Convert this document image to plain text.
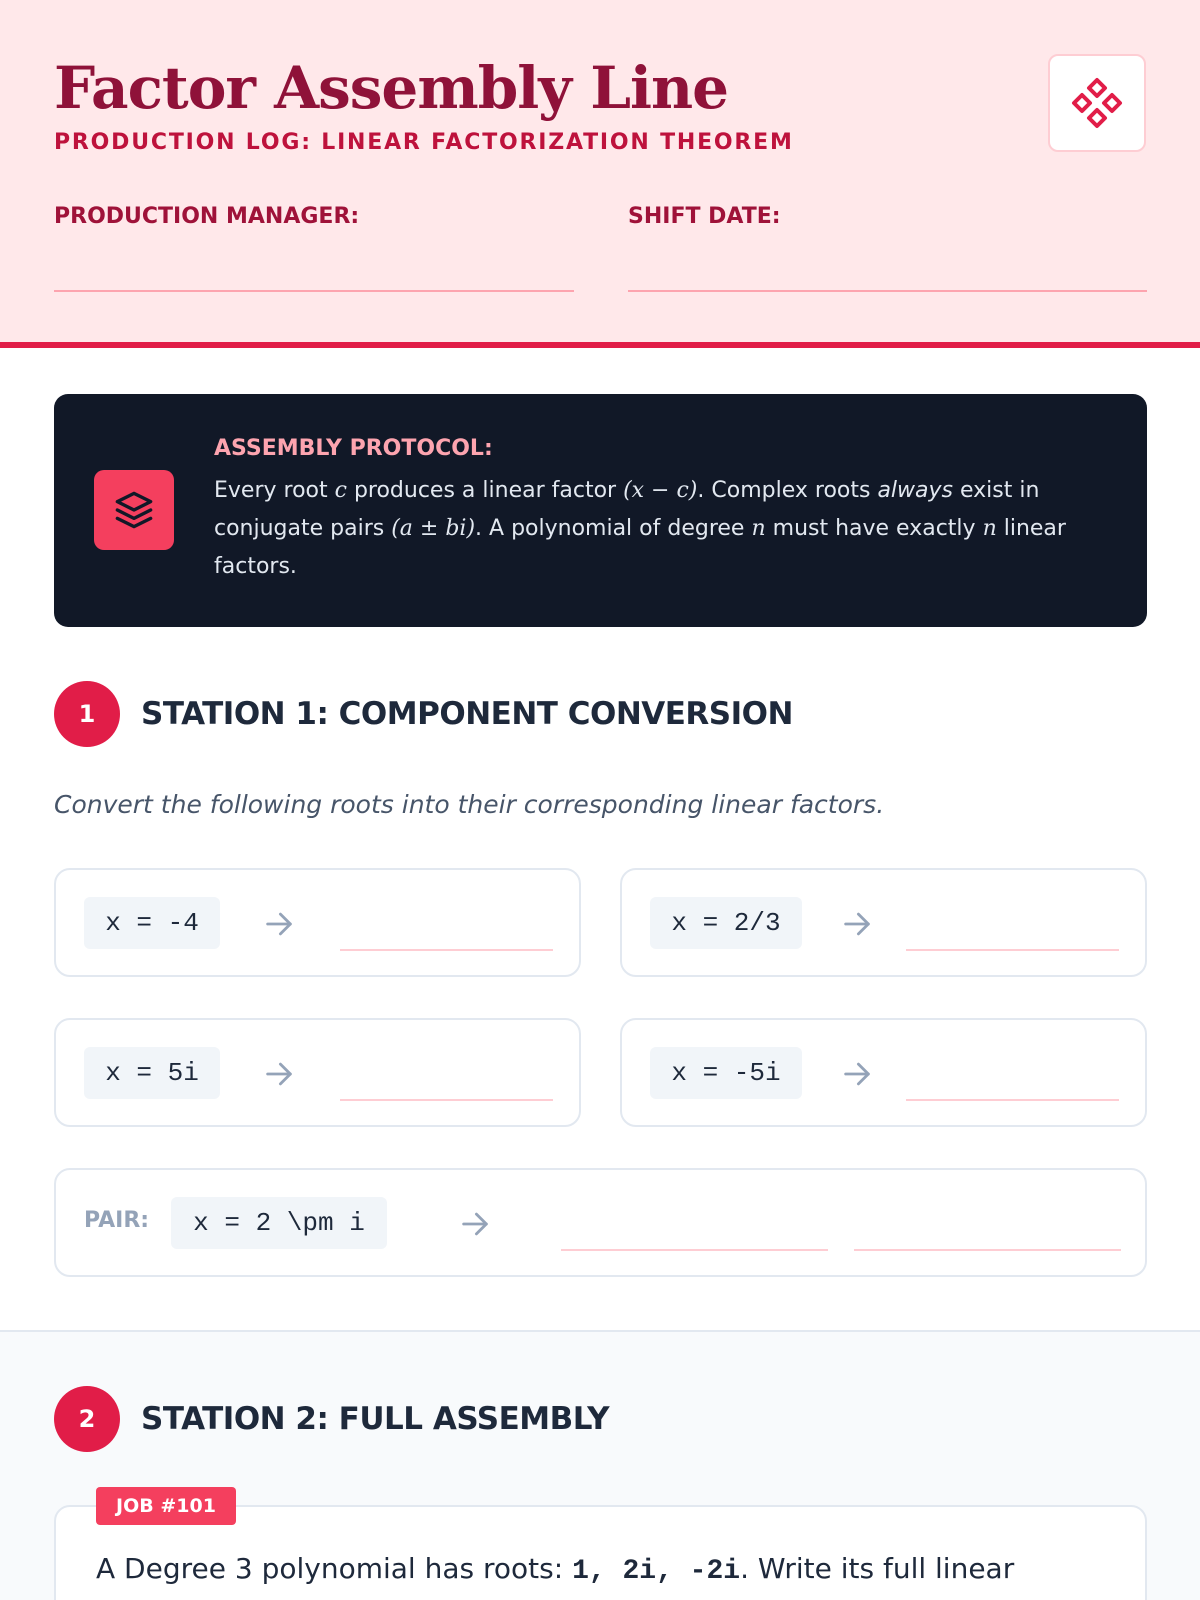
Factor Assembly Line
PRODUCTION LOG: LINEAR FACTORIZATION THEOREM
PRODUCTION MANAGER:	SHIFT DATE:
ASSEMBLY PROTOCOL:
Every root c produces a linear factor (x − c). Complex roots always exist in conjugate pairs (a ± bi). A polynomial of degree n must have exactly n linear factors.
1	STATION 1: COMPONENT CONVERSION
Convert the following roots into their corresponding linear factors.
x = -4	x = 2/3
x = 5i	x = -5i
PAIR:	x = 2 \pm i
2	STATION 2: FULL ASSEMBLY
JOB #101
A Degree 3 polynomial has roots: 1, 2i, -2i. Write its full linear
